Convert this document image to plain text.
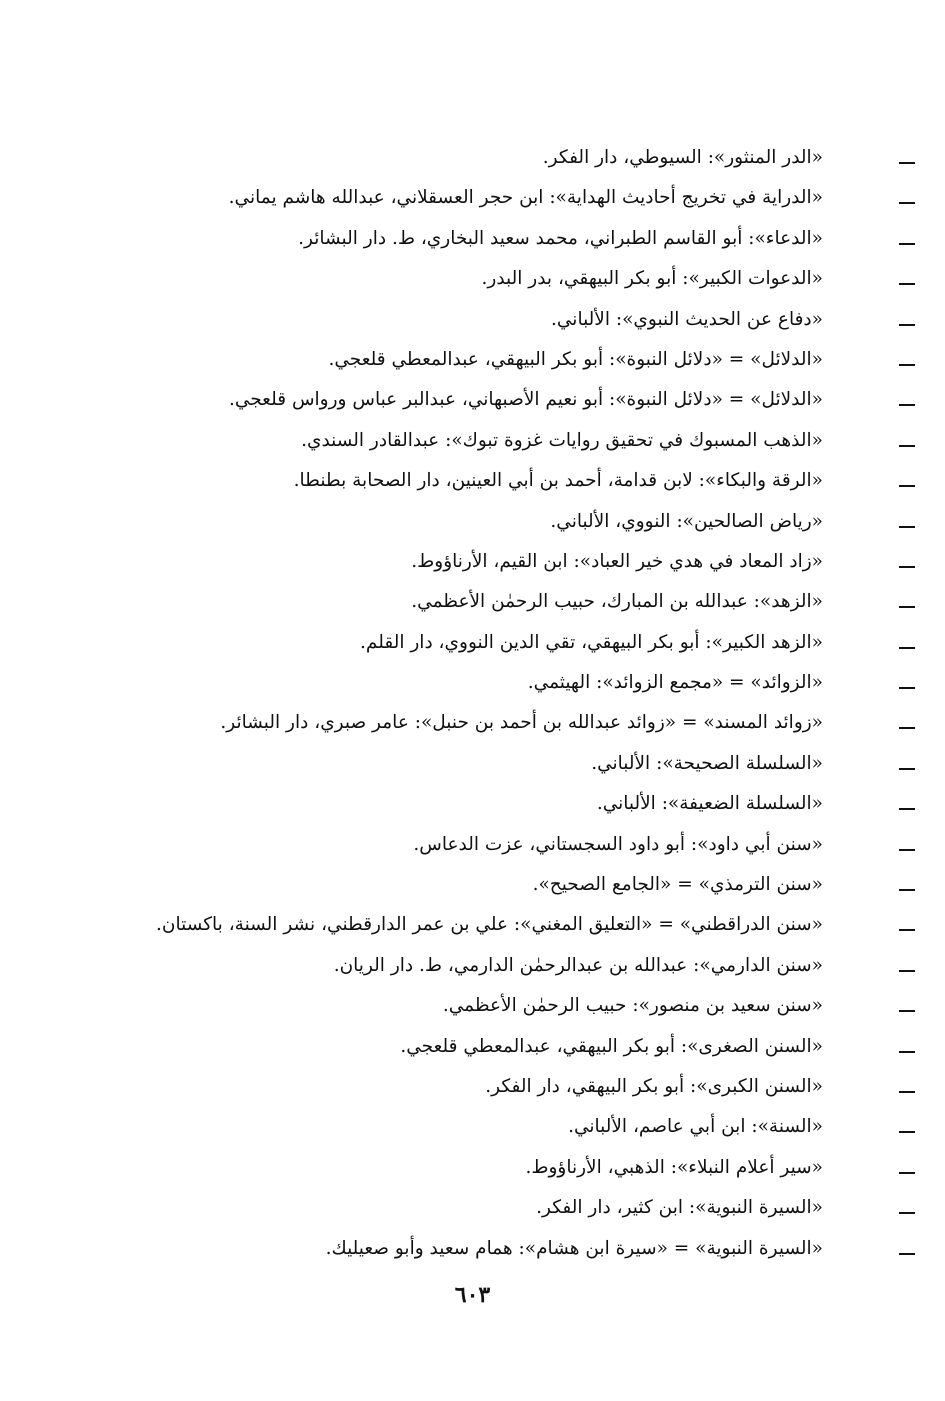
«الدر المنثور»: السيوطي، دار الفكر.
«الدراية في تخريج أحاديث الهداية»: ابن حجر العسقلاني، عبدالله هاشم يماني.
«الدعاء»: أبو القاسم الطبراني، محمد سعيد البخاري، ط. دار البشائر.
«الدعوات الكبير»: أبو بكر البيهقي، بدر البدر.
«دفاع عن الحديث النبوي»: الألباني.
«الدلائل» = «دلائل النبوة»: أبو بكر البيهقي، عبدالمعطي قلعجي.
«الدلائل» = «دلائل النبوة»: أبو نعيم الأصبهاني، عبدالبر عباس ورواس قلعجي.
«الذهب المسبوك في تحقيق روايات غزوة تبوك»: عبدالقادر السندي.
«الرقة والبكاء»: لابن قدامة، أحمد بن أبي العينين، دار الصحابة بطنطا.
«رياض الصالحين»: النووي، الألباني.
«زاد المعاد في هدي خير العباد»: ابن القيم، الأرناؤوط.
«الزهد»: عبدالله بن المبارك، حبيب الرحمٰن الأعظمي.
«الزهد الكبير»: أبو بكر البيهقي، تقي الدين النووي، دار القلم.
«الزوائد» = «مجمع الزوائد»: الهيثمي.
«زوائد المسند» = «زوائد عبدالله بن أحمد بن حنبل»: عامر صبري، دار البشائر.
«السلسلة الصحيحة»: الألباني.
«السلسلة الضعيفة»: الألباني.
«سنن أبي داود»: أبو داود السجستاني، عزت الدعاس.
«سنن الترمذي» = «الجامع الصحيح».
«سنن الدراقطني» = «التعليق المغني»: علي بن عمر الدارقطني، نشر السنة، باكستان.
«سنن الدارمي»: عبدالله بن عبدالرحمٰن الدارمي، ط. دار الريان.
«سنن سعيد بن منصور»: حبيب الرحمٰن الأعظمي.
«السنن الصغرى»: أبو بكر البيهقي، عبدالمعطي قلعجي.
«السنن الكبرى»: أبو بكر البيهقي، دار الفكر.
«السنة»: ابن أبي عاصم، الألباني.
«سير أعلام النبلاء»: الذهبي، الأرناؤوط.
«السيرة النبوية»: ابن كثير، دار الفكر.
«السيرة النبوية» = «سيرة ابن هشام»: همام سعيد وأبو صعيليك.
٦٠٣
